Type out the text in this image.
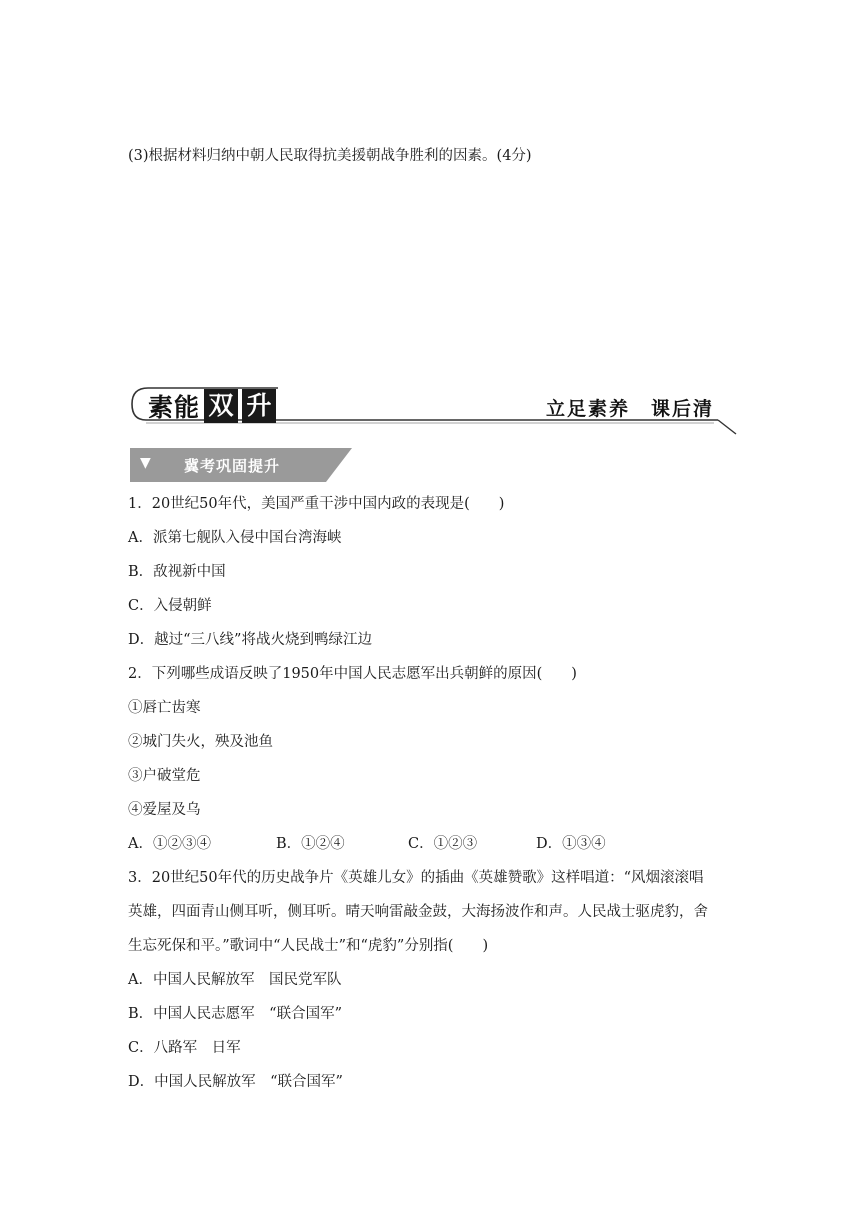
(3)根据材料归纳中朝人民取得抗美援朝战争胜利的因素。(4分)
素能 双 升	立足素养　课后清
▼ 冀考巩固提升
1．20世纪50年代，美国严重干涉中国内政的表现是(　　)
A．派第七舰队入侵中国台湾海峡
B．敌视新中国
C．入侵朝鲜
D．越过“三八线”将战火烧到鸭绿江边
2．下列哪些成语反映了1950年中国人民志愿军出兵朝鲜的原因(　　)
①唇亡齿寒
②城门失火，殃及池鱼
③户破堂危
④爱屋及乌
A．①②③④	B．①②④	C．①②③	D．①③④
3．20世纪50年代的历史战争片《英雄儿女》的插曲《英雄赞歌》这样唱道：“风烟滚滚唱
英雄，四面青山侧耳听，侧耳听。晴天响雷敲金鼓，大海扬波作和声。人民战士驱虎豹，舍
生忘死保和平。”歌词中“人民战士”和“虎豹”分别指(　　)
A．中国人民解放军　国民党军队
B．中国人民志愿军　“联合国军”
C．八路军　日军
D．中国人民解放军　“联合国军”
